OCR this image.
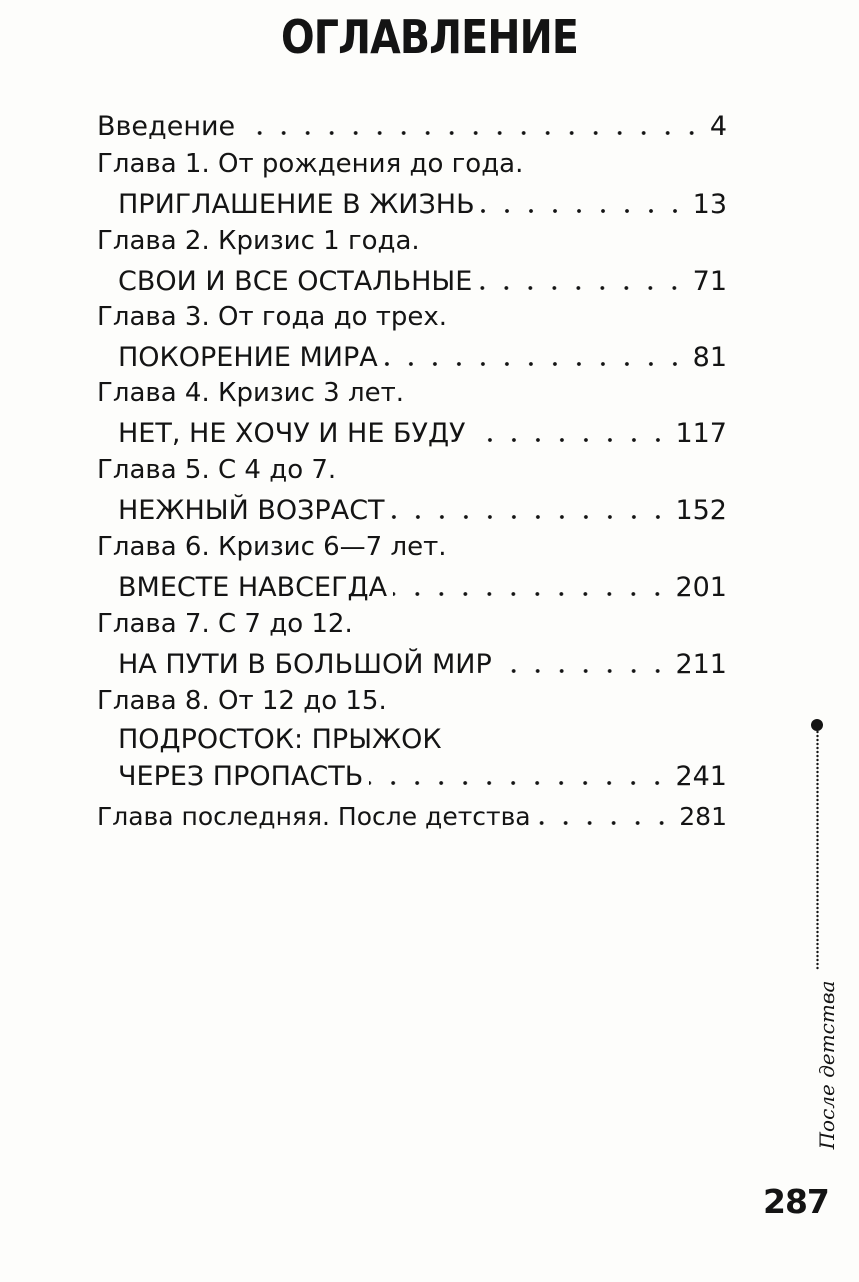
ОГЛАВЛЕНИЕ
Введение	4
Глава 1. От рождения до года.
ПРИГЛАШЕНИЕ В ЖИЗНЬ	13
Глава 2. Кризис 1 года.
СВОИ И ВСЕ ОСТАЛЬНЫЕ	71
Глава 3. От года до трех.
ПОКОРЕНИЕ МИРА	81
Глава 4. Кризис 3 лет.
НЕТ, НЕ ХОЧУ И НЕ БУДУ	117
Глава 5. С 4 до 7.
НЕЖНЫЙ ВОЗРАСТ	152
Глава 6. Кризис 6—7 лет.
ВМЕСТЕ НАВСЕГДА	201
Глава 7. С 7 до 12.
НА ПУТИ В БОЛЬШОЙ МИР	211
Глава 8. От 12 до 15.
ПОДРОСТОК: ПРЫЖОК
ЧЕРЕЗ ПРОПАСТЬ	241
Глава последняя. После детства	281
После детства
287
